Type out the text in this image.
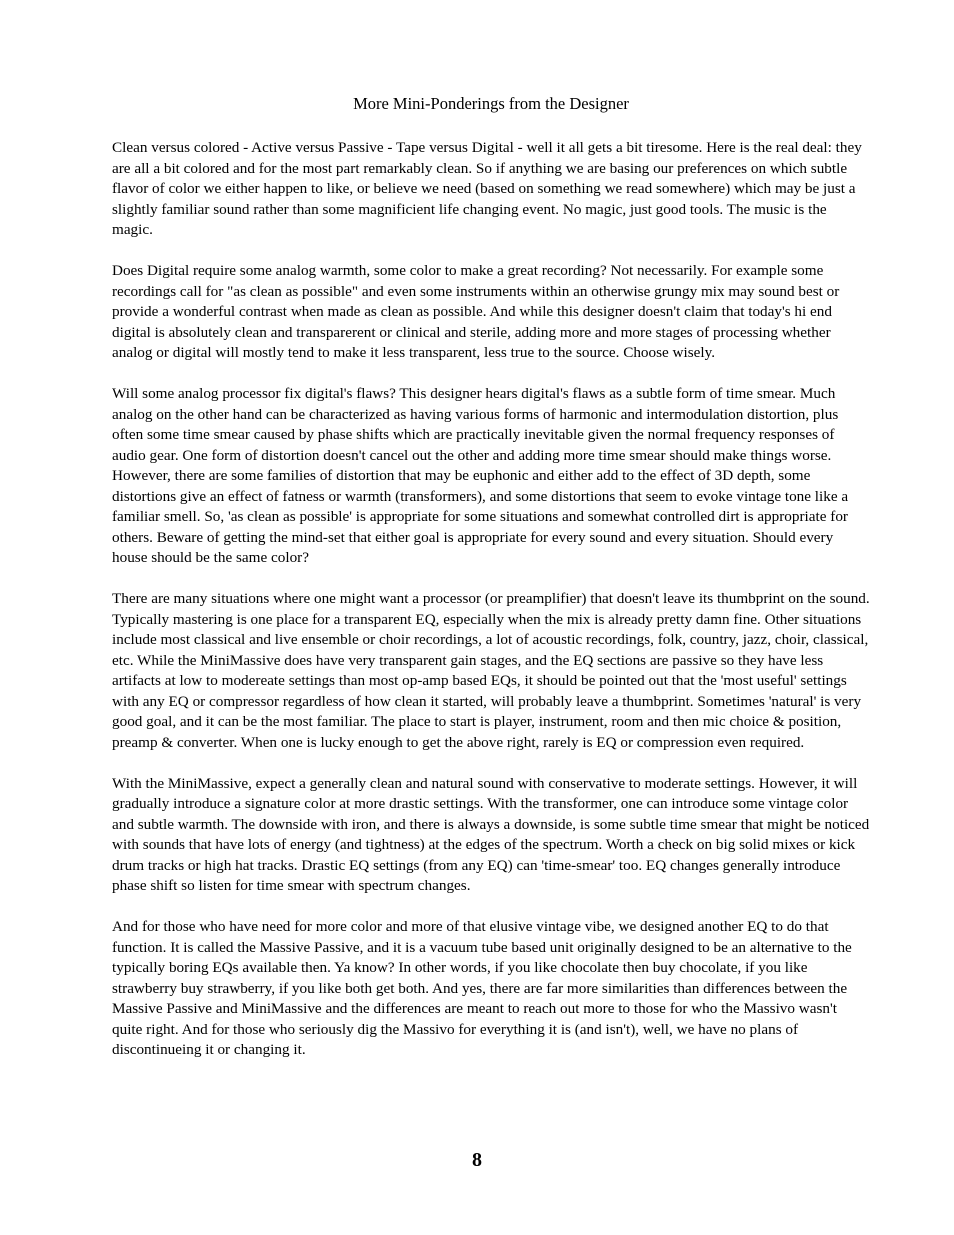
More Mini-Ponderings from the Designer

Clean versus colored - Active versus Passive - Tape versus Digital - well it all gets a bit tiresome. Here is the real deal: they are all a bit colored and for the most part remarkably clean. So if anything we are basing our preferences on which subtle flavor of color we either happen to like, or believe we need (based on something we read somewhere) which may be just a slightly familiar sound rather than some magnificient life changing event. No magic, just good tools. The music is the magic.

Does Digital require some analog warmth, some color to make a great recording? Not necessarily. For example some recordings call for "as clean as possible" and even some instruments within an otherwise grungy mix may sound best or provide a wonderful contrast when made as clean as possible. And while this designer doesn't claim that today's hi end digital is absolutely clean and transparerent or clinical and sterile, adding more and more stages of processing whether analog or digital will mostly tend to make it less transparent, less true to the source. Choose wisely.

Will some analog processor fix digital's flaws? This designer hears digital's flaws as a subtle form of time smear. Much analog on the other hand can be characterized as having various forms of harmonic and intermodulation distortion, plus often some time smear caused by phase shifts which are practically inevitable given the normal frequency responses of audio gear. One form of distortion doesn't cancel out the other and adding more time smear should make things worse. However, there are some families of distortion that may be euphonic and either add to the effect of 3D depth, some distortions give an effect of fatness or warmth (transformers), and some distortions that seem to evoke vintage tone like a familiar smell. So, 'as clean as possible' is appropriate for some situations and somewhat controlled dirt is appropriate for others. Beware of getting the mind-set that either goal is appropriate for every sound and every situation. Should every house should be the same color?

There are many situations where one might want a processor (or preamplifier) that doesn't leave its thumbprint on the sound. Typically mastering is one place for a transparent EQ, especially when the mix is already pretty damn fine. Other situations include most classical and live ensemble or choir recordings, a lot of acoustic recordings, folk, country, jazz, choir, classical, etc. While the MiniMassive does have very transparent gain stages, and the EQ sections are passive so they have less artifacts at low to modereate settings than most op-amp based EQs, it should be pointed out that the 'most useful' settings with any EQ or compressor regardless of how clean it started, will probably leave a thumbprint. Sometimes 'natural' is very good goal, and it can be the most familiar. The place to start is player, instrument, room and then mic choice & position, preamp & converter. When one is lucky enough to get the above right, rarely is EQ or compression even required.

With the MiniMassive, expect a generally clean and natural sound with conservative to moderate settings. However, it will gradually introduce a signature color at more drastic settings. With the transformer, one can introduce some vintage color and subtle warmth. The downside with iron, and there is always a downside, is some subtle time smear that might be noticed with sounds that have lots of energy (and tightness) at the edges of the spectrum. Worth a check on big solid mixes or kick drum tracks or high hat tracks. Drastic EQ settings (from any EQ) can 'time-smear' too. EQ changes generally introduce phase shift so listen for time smear with spectrum changes.

And for those who have need for more color and more of that elusive vintage vibe, we designed another EQ to do that function. It is called the Massive Passive, and it is a vacuum tube based unit originally designed to be an alternative to the typically boring EQs available then. Ya know? In other words, if you like chocolate then buy chocolate, if you like strawberry buy strawberry, if you like both get both. And yes, there are far more similarities than differences between the Massive Passive and MiniMassive and the differences are meant to reach out more to those for who the Massivo wasn't quite right. And for those who seriously dig the Massivo for everything it is (and isn't), well, we have no plans of discontinueing it or changing it.

8
